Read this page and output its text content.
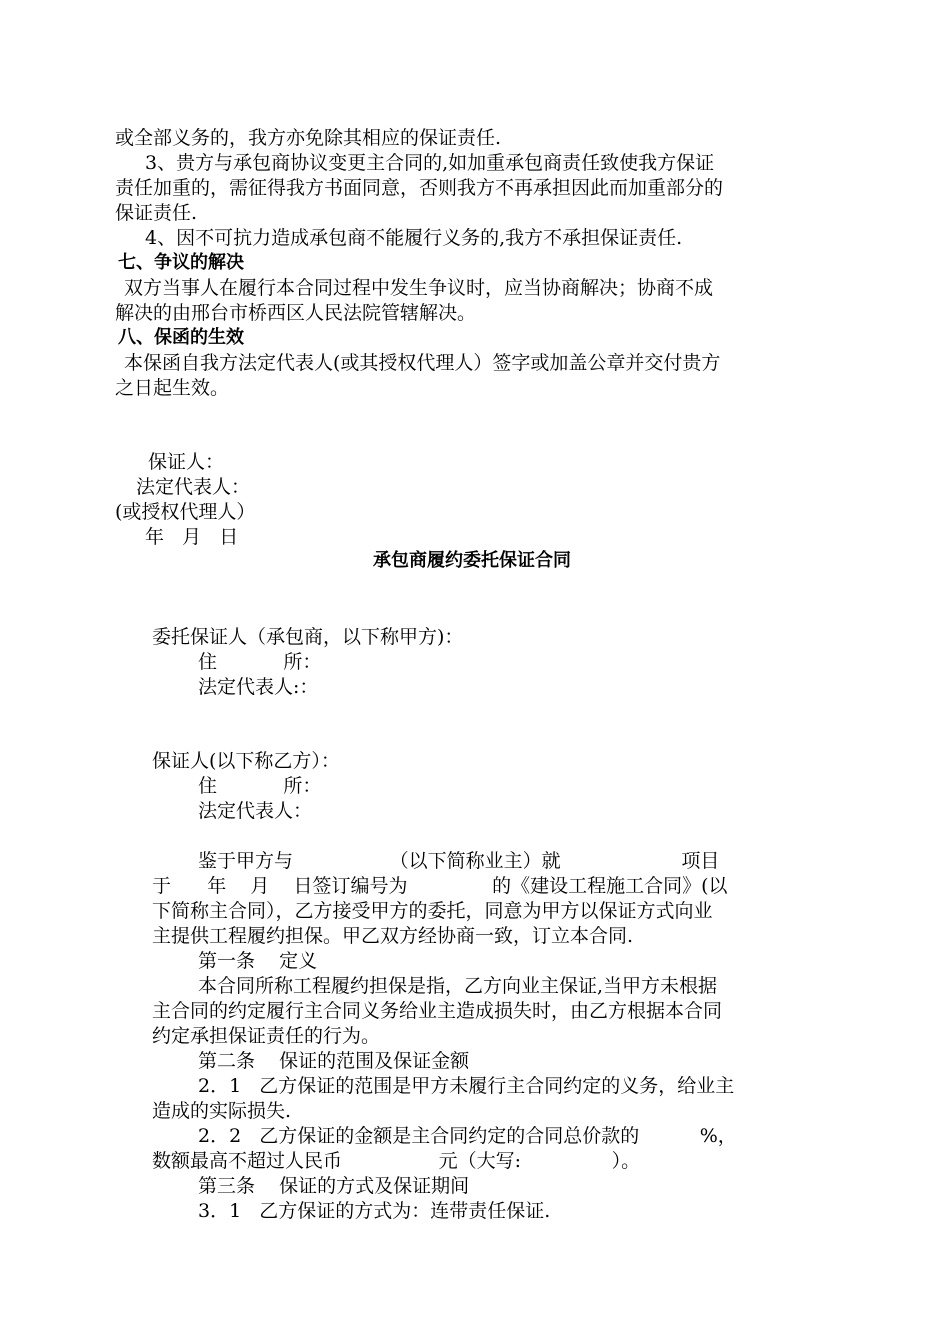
或全部义务的，我方亦免除其相应的保证责任.
3、贵方与承包商协议变更主合同的,如加重承包商责任致使我方保证
责任加重的，需征得我方书面同意，否则我方不再承担因此而加重部分的
保证责任.
4、因不可抗力造成承包商不能履行义务的,我方不承担保证责任.
七、争议的解决
双方当事人在履行本合同过程中发生争议时，应当协商解决；协商不成
解决的由邢台市桥西区人民法院管辖解决。
八、保函的生效
本保函自我方法定代表人(或其授权代理人）签字或加盖公章并交付贵方
之日起生效。
保证人：
法定代表人：
(或授权代理人）
年   月   日
承包商履约委托保证合同
委托保证人（承包商，以下称甲方)：
住           所：
法定代表人:：
保证人(以下称乙方）：
住           所：
法定代表人：
鉴于甲方与                （以下简称业主）就                    项目
于      年    月    日签订编号为              的《建设工程施工合同》(以
下简称主合同），乙方接受甲方的委托，同意为甲方以保证方式向业
主提供工程履约担保。甲乙双方经协商一致，订立本合同.
第一条    定义
本合同所称工程履约担保是指，乙方向业主保证,当甲方未根据
主合同的约定履行主合同义务给业主造成损失时，由乙方根据本合同
约定承担保证责任的行为。
第二条    保证的范围及保证金额
2．1   乙方保证的范围是甲方未履行主合同约定的义务，给业主
造成的实际损失.
2．2   乙方保证的金额是主合同约定的合同总价款的          %，
数额最高不超过人民币                元（大写:               ）。
第三条    保证的方式及保证期间
3．1   乙方保证的方式为：连带责任保证.
